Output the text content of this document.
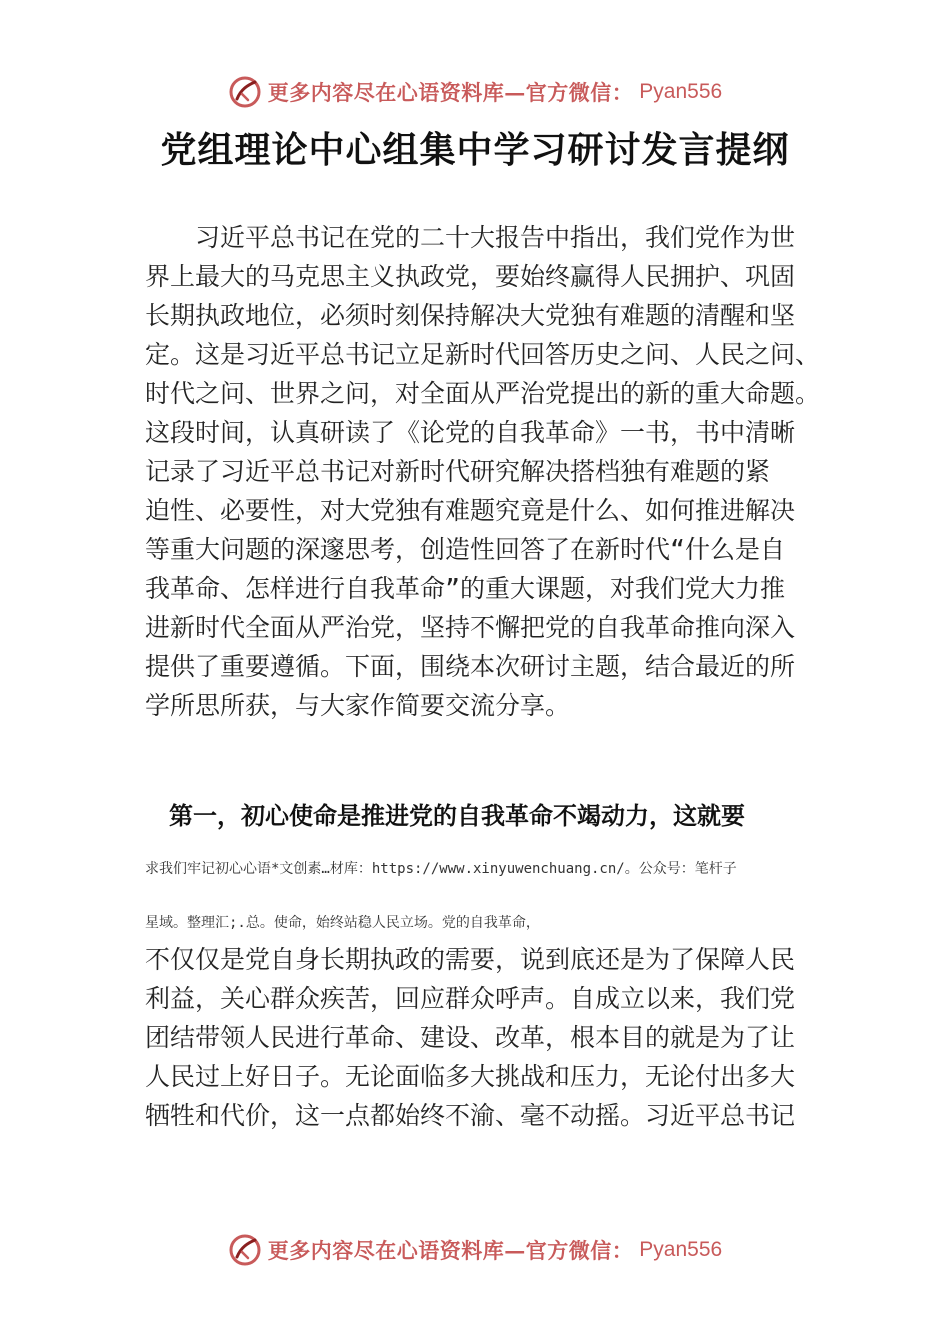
更多内容尽在心语资料库—官方微信： Pyan556
党组理论中心组集中学习研讨发言提纲
　　习近平总书记在党的二十大报告中指出，我们党作为世
界上最大的马克思主义执政党，要始终赢得人民拥护、巩固
长期执政地位，必须时刻保持解决大党独有难题的清醒和坚
定。这是习近平总书记立足新时代回答历史之问、人民之问、
时代之问、世界之问，对全面从严治党提出的新的重大命题。
这段时间，认真研读了《论党的自我革命》一书，书中清晰
记录了习近平总书记对新时代研究解决搭档独有难题的紧
迫性、必要性，对大党独有难题究竟是什么、如何推进解决
等重大问题的深邃思考，创造性回答了在新时代“什么是自
我革命、怎样进行自我革命”的重大课题，对我们党大力推
进新时代全面从严治党，坚持不懈把党的自我革命推向深入
提供了重要遵循。下面，围绕本次研讨主题，结合最近的所
学所思所获，与大家作简要交流分享。
　第一，初心使命是推进党的自我革命不竭动力，这就要
求我们牢记初心心语*文创素…材库：https://www.xinyuwenchuang.cn/。公众号：笔杆子
星域。整理汇;.总。使命，始终站稳人民立场。党的自我革命，
不仅仅是党自身长期执政的需要，说到底还是为了保障人民
利益，关心群众疾苦，回应群众呼声。自成立以来，我们党
团结带领人民进行革命、建设、改革，根本目的就是为了让
人民过上好日子。无论面临多大挑战和压力，无论付出多大
牺牲和代价，这一点都始终不渝、毫不动摇。习近平总书记
更多内容尽在心语资料库—官方微信： Pyan556
